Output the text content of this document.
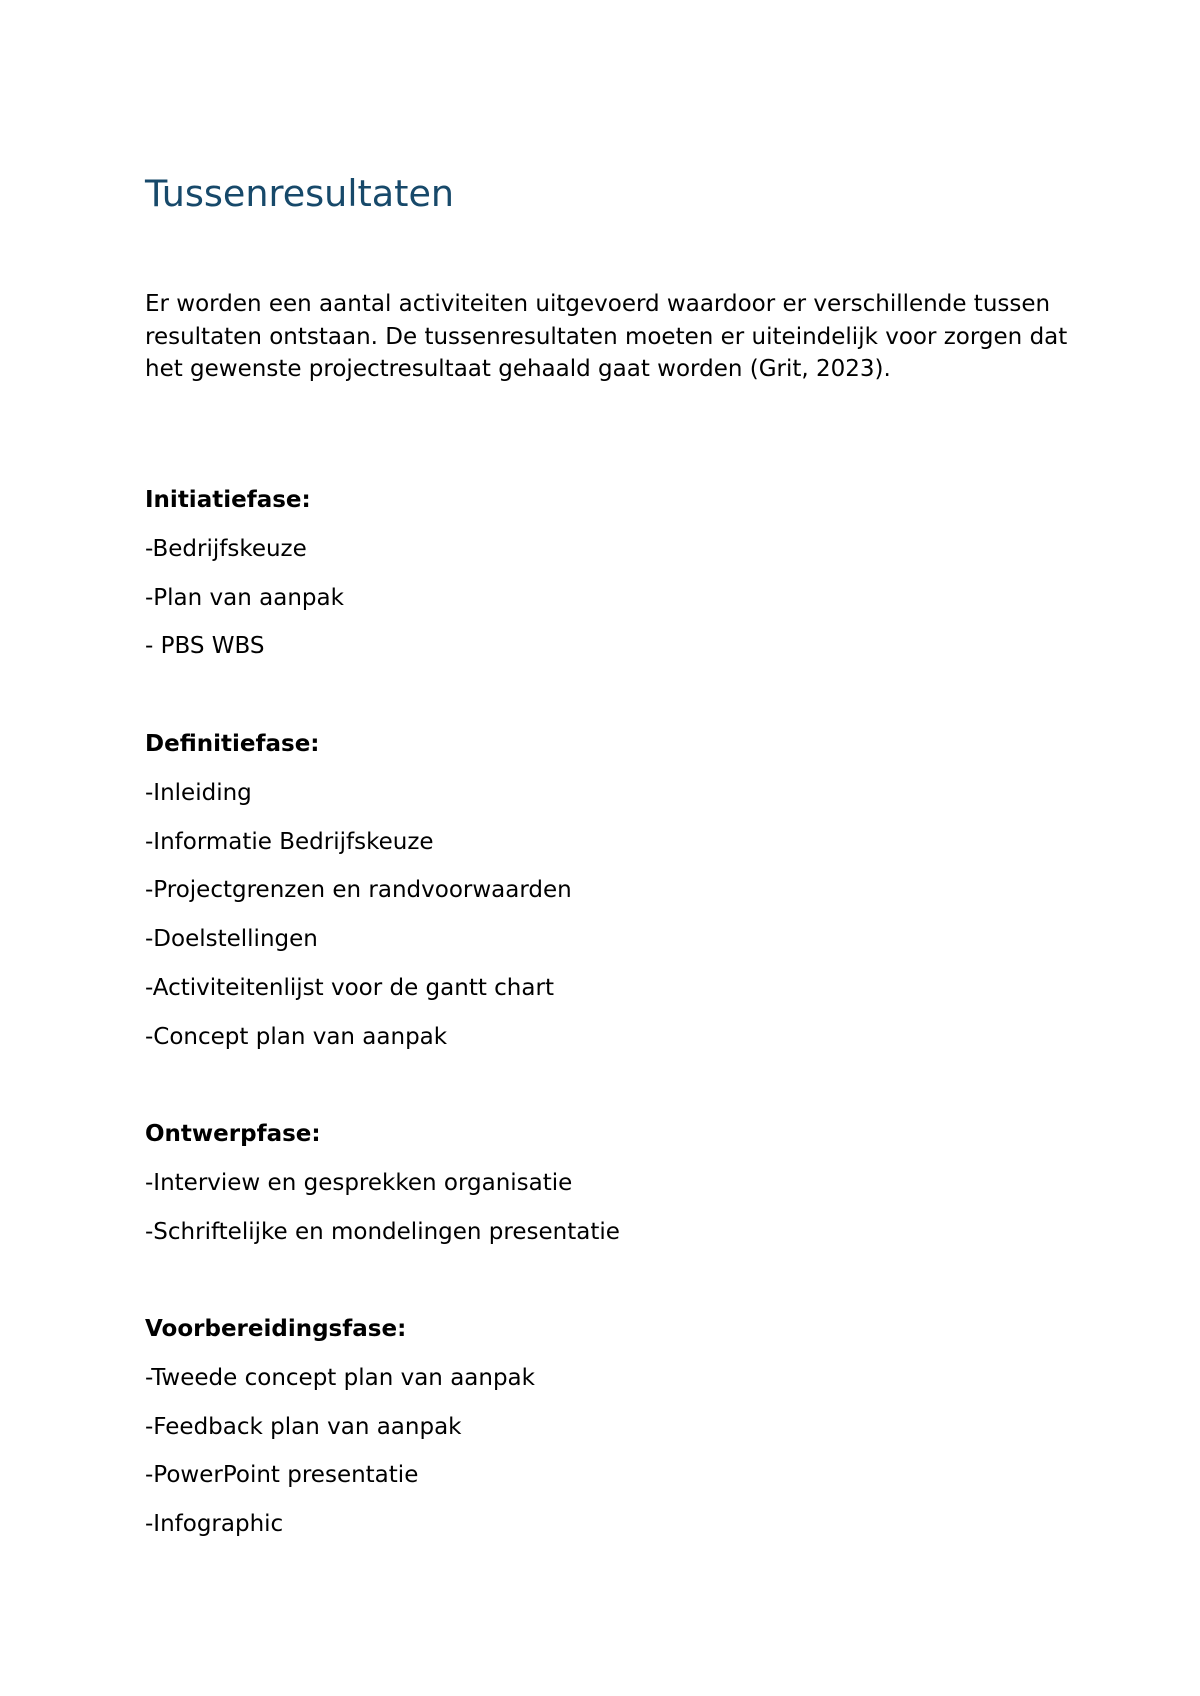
Tussenresultaten

Er worden een aantal activiteiten uitgevoerd waardoor er verschillende tussen resultaten ontstaan. De tussenresultaten moeten er uiteindelijk voor zorgen dat het gewenste projectresultaat gehaald gaat worden (Grit, 2023).

Initiatiefase:
-Bedrijfskeuze
-Plan van aanpak
- PBS WBS
Definitiefase:
-Inleiding
-Informatie Bedrijfskeuze
-Projectgrenzen en randvoorwaarden
-Doelstellingen
-Activiteitenlijst voor de gantt chart
-Concept plan van aanpak
Ontwerpfase:
-Interview en gesprekken organisatie
-Schriftelijke en mondelingen presentatie
Voorbereidingsfase:
-Tweede concept plan van aanpak
-Feedback plan van aanpak
-PowerPoint presentatie
-Infographic
